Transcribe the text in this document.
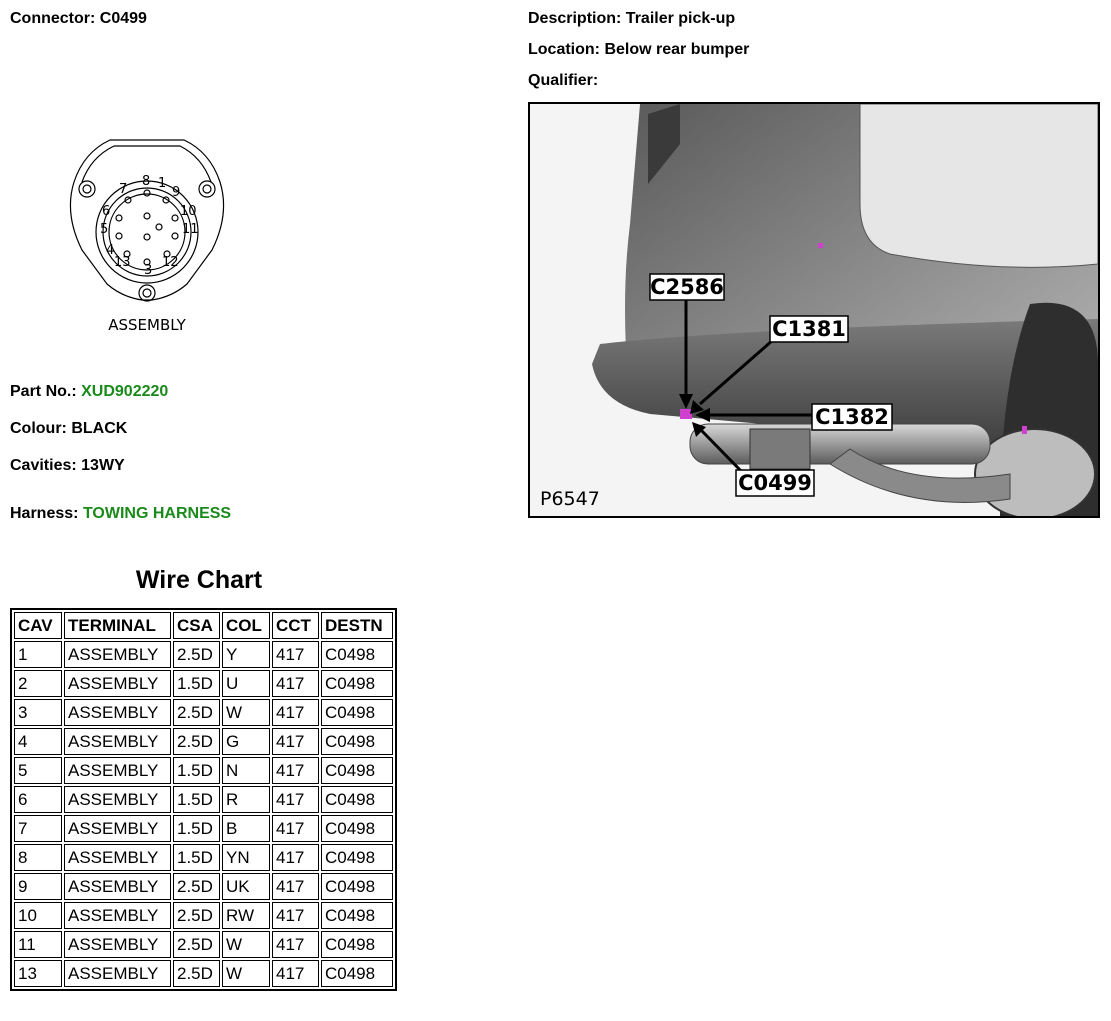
Connector: C0499	Description: Trailer pick-up
Location: Below rear bumper
Qualifier:
8 1
7	9
6	10
5	11
4
13 12
3
ASSEMBLY
C2586
C1381
C1382
C0499
P6547
Part No.: XUD902220
Colour: BLACK
Cavities: 13WY
Harness: TOWING HARNESS
Wire Chart
CAV	TERMINAL	CSA	COL	CCT	DESTN
1	ASSEMBLY	2.5D	Y	417	C0498
2	ASSEMBLY	1.5D	U	417	C0498
3	ASSEMBLY	2.5D	W	417	C0498
4	ASSEMBLY	2.5D	G	417	C0498
5	ASSEMBLY	1.5D	N	417	C0498
6	ASSEMBLY	1.5D	R	417	C0498
7	ASSEMBLY	1.5D	B	417	C0498
8	ASSEMBLY	1.5D	YN	417	C0498
9	ASSEMBLY	2.5D	UK	417	C0498
10	ASSEMBLY	2.5D	RW	417	C0498
11	ASSEMBLY	2.5D	W	417	C0498
13	ASSEMBLY	2.5D	W	417	C0498
